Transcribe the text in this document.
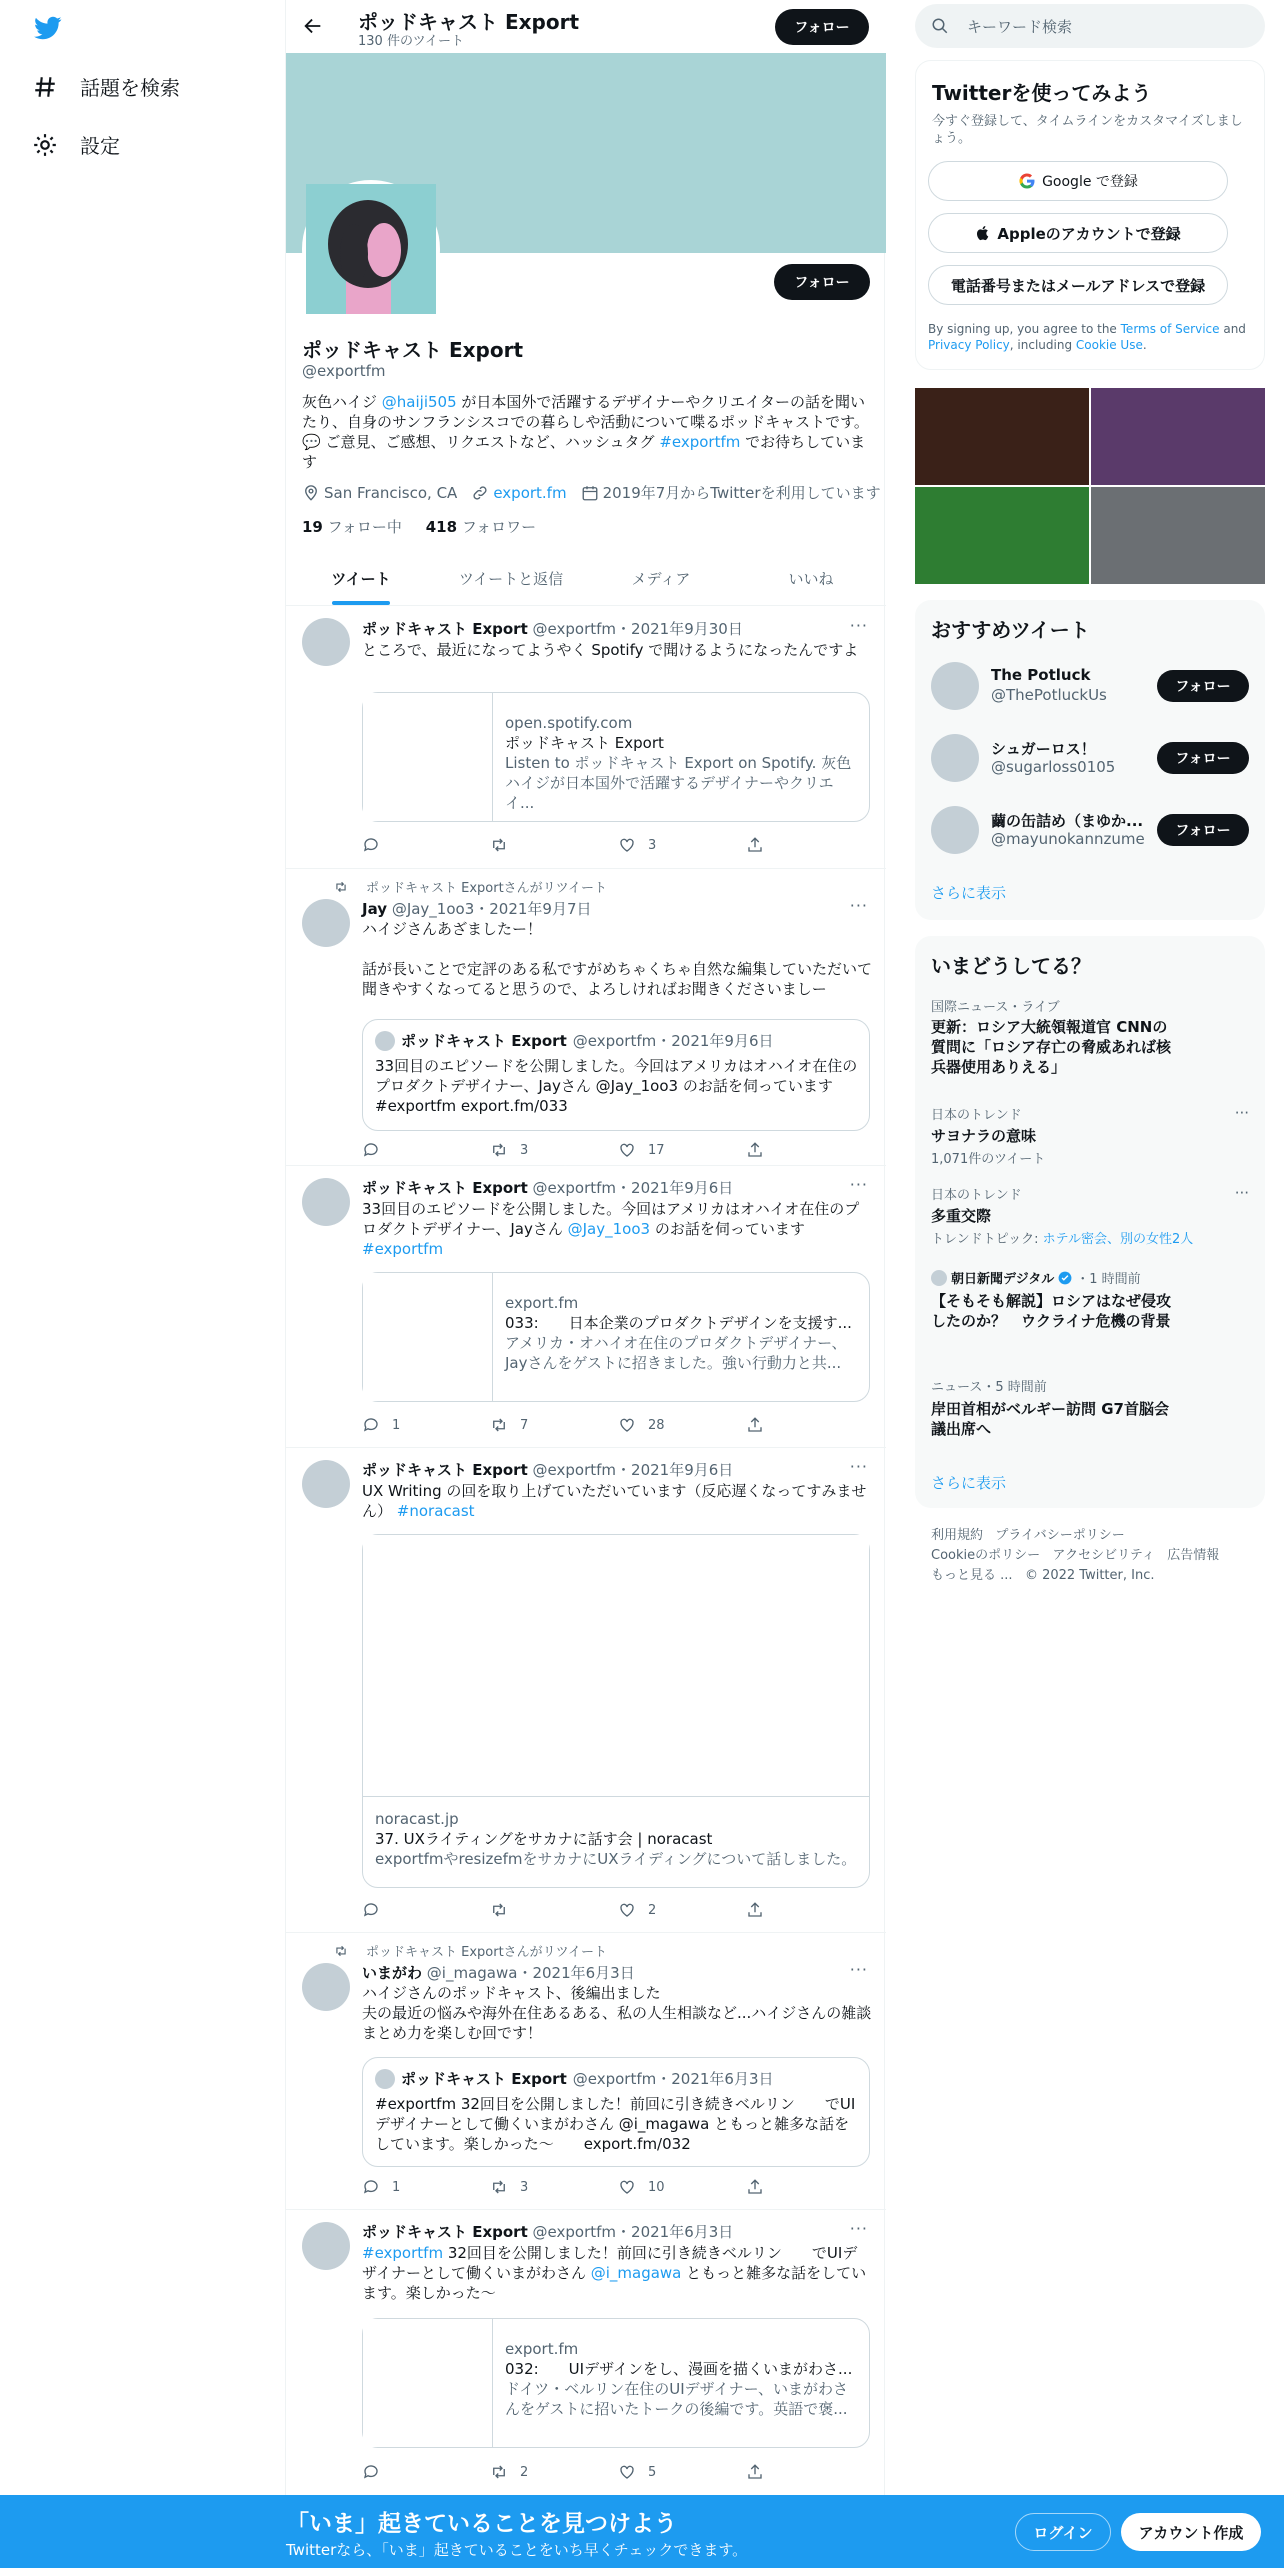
話題を検索
設定
ポッドキャスト Export
130 件のツイート
フォロー
フォロー
ポッドキャスト Export
@exportfm
灰色ハイジ @haiji505 が日本国外で活躍するデザイナーやクリエイターの話を聞いたり、自身のサンフランシスコでの暮らしや活動について喋るポッドキャストです。 💬 ご意見、ご感想、リクエストなど、ハッシュタグ #exportfm でお待ちしています
San Francisco, CA export.fm 2019年7月からTwitterを利用しています
19 フォロー中 418 フォロワー
ツイート	ツイートと返信	メディア	いいね
ポッドキャスト Export @exportfm・2021年9月30日	···
ところで、最近になってようやく Spotify で聞けるようになったんですよ
open.spotify.com
ポッドキャスト Export
Listen to ポッドキャスト Export on Spotify. 灰色ハイジが日本国外で活躍するデザイナーやクリエイ...
3
ポッドキャスト Exportさんがリツイート
Jay @Jay_1oo3・2021年9月7日	···
ハイジさんあざましたー！
話が長いことで定評のある私ですがめちゃくちゃ自然な編集していただいて聞きやすくなってると思うので、よろしければお聞きくださいましー
ポッドキャスト Export @exportfm ・2021年9月6日
33回目のエピソードを公開しました。今回はアメリカはオハイオ在住のプロダクトデザイナー、Jayさん @Jay_1oo3 のお話を伺っています　　#exportfm export.fm/033
3	17
ポッドキャスト Export @exportfm・2021年9月6日	···
33回目のエピソードを公開しました。今回はアメリカはオハイオ在住のプロダクトデザイナー、Jayさん @Jay_1oo3 のお話を伺っています
#exportfm
export.fm
033:　　日本企業のプロダクトデザインを支援す...
アメリカ・オハイオ在住のプロダクトデザイナー、Jayさんをゲストに招きました。強い行動力と共...
1	7	28
ポッドキャスト Export @exportfm・2021年9月6日	···
UX Writing の回を取り上げていただいています（反応遅くなってすみません） #noracast
noracast.jp
37. UXライティングをサカナに話す会 | noracast
exportfmやresizefmをサカナにUXライディングについて話しました。
2
ポッドキャスト Exportさんがリツイート
いまがわ @i_magawa・2021年6月3日	···
ハイジさんのポッドキャスト、後編出ました
夫の最近の悩みや海外在住あるある、私の人生相談など...ハイジさんの雑談まとめ力を楽しむ回です！
ポッドキャスト Export @exportfm ・2021年6月3日
#exportfm 32回目を公開しました！前回に引き続きベルリン　　でUIデザイナーとして働くいまがわさん @i_magawa ともっと雑多な話をしています。楽しかった〜　　export.fm/032
1	3	10
ポッドキャスト Export @exportfm・2021年6月3日	···
#exportfm 32回目を公開しました！前回に引き続きベルリン　　でUIデザイナーとして働くいまがわさん @i_magawa ともっと雑多な話をしています。楽しかった〜
export.fm
032:　　UIデザインをし、漫画を描くいまがわさ...
ドイツ・ベルリン在住のUIデザイナー、いまがわさんをゲストに招いたトークの後編です。英語で褒...
2	5
キーワード検索
Twitterを使ってみよう
今すぐ登録して、タイムラインをカスタマイズしましょう。
Google で登録
Appleのアカウントで登録
電話番号またはメールアドレスで登録
By signing up, you agree to the Terms of Service and Privacy Policy, including Cookie Use.
おすすめツイート
The Potluck
@ThePotluckUs	フォロー
シュガーロス！
@sugarloss0105	フォロー
繭の缶詰め（まゆか...
@mayunokannzume	フォロー
さらに表示
いまどうしてる？
国際ニュース・ライブ
更新：ロシア大統領報道官 CNNの質問に「ロシア存亡の脅威あれば核兵器使用ありえる」
日本のトレンド
サヨナラの意味
1,071件のツイート
···
日本のトレンド
多重交際
トレンドトピック: ホテル密会、別の女性2人
···
朝日新聞デジタル ・1 時間前
【そもそも解説】ロシアはなぜ侵攻したのか？　ウクライナ危機の背景
ニュース・5 時間前
岸田首相がベルギー訪問 G7首脳会議出席へ
さらに表示
利用規約 プライバシーポリシー
Cookieのポリシー アクセシビリティ 広告情報
もっと見る ... © 2022 Twitter, Inc.
「いま」起きていることを見つけよう
Twitterなら、「いま」起きていることをいち早くチェックできます。
ログイン	アカウント作成
